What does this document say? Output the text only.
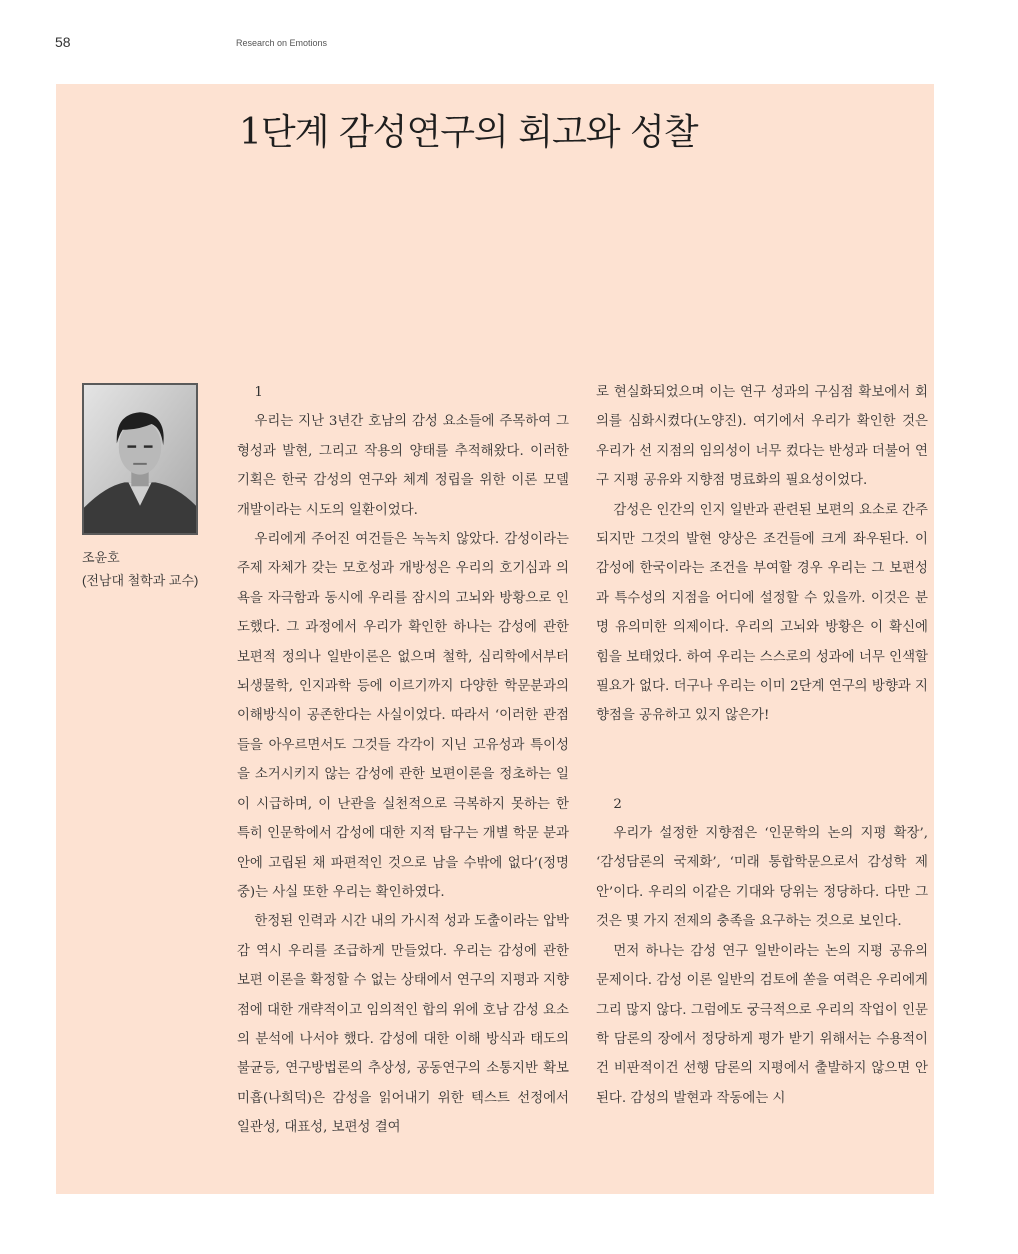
58	Research on Emotions
1단계 감성연구의 회고와 성찰
조윤호
(전남대 철학과 교수)

1

우리는 지난 3년간 호남의 감성 요소들에 주목하여 그 형성과 발현, 그리고 작용의 양태를 추적해왔다. 이러한 기획은 한국 감성의 연구와 체계 정립을 위한 이론 모델 개발이라는 시도의 일환이었다.

우리에게 주어진 여건들은 녹녹치 않았다. 감성이라는 주제 자체가 갖는 모호성과 개방성은 우리의 호기심과 의욕을 자극함과 동시에 우리를 잠시의 고뇌와 방황으로 인도했다. 그 과정에서 우리가 확인한 하나는 감성에 관한 보편적 정의나 일반이론은 없으며 철학, 심리학에서부터 뇌생물학, 인지과학 등에 이르기까지 다양한 학문분과의 이해방식이 공존한다는 사실이었다. 따라서 ‘이러한 관점들을 아우르면서도 그것들 각각이 지닌 고유성과 특이성을 소거시키지 않는 감성에 관한 보편이론을 정초하는 일이 시급하며, 이 난관을 실천적으로 극복하지 못하는 한 특히 인문학에서 감성에 대한 지적 탐구는 개별 학문 분과 안에 고립된 채 파편적인 것으로 남을 수밖에 없다’(정명중)는 사실 또한 우리는 확인하였다.

한정된 인력과 시간 내의 가시적 성과 도출이라는 압박감 역시 우리를 조급하게 만들었다. 우리는 감성에 관한 보편 이론을 확정할 수 없는 상태에서 연구의 지평과 지향점에 대한 개략적이고 임의적인 합의 위에 호남 감성 요소의 분석에 나서야 했다. 감성에 대한 이해 방식과 태도의 불균등, 연구방법론의 추상성, 공동연구의 소통지반 확보 미흡(나희덕)은 감성을 읽어내기 위한 텍스트 선정에서 일관성, 대표성, 보편성 결여

로 현실화되었으며 이는 연구 성과의 구심점 확보에서 회의를 심화시켰다(노양진). 여기에서 우리가 확인한 것은 우리가 선 지점의 임의성이 너무 컸다는 반성과 더불어 연구 지평 공유와 지향점 명료화의 필요성이었다.

감성은 인간의 인지 일반과 관련된 보편의 요소로 간주되지만 그것의 발현 양상은 조건들에 크게 좌우된다. 이 감성에 한국이라는 조건을 부여할 경우 우리는 그 보편성과 특수성의 지점을 어디에 설정할 수 있을까. 이것은 분명 유의미한 의제이다. 우리의 고뇌와 방황은 이 확신에 힘을 보태었다. 하여 우리는 스스로의 성과에 너무 인색할 필요가 없다. 더구나 우리는 이미 2단계 연구의 방향과 지향점을 공유하고 있지 않은가!

2

우리가 설정한 지향점은 ‘인문학의 논의 지평 확장’, ‘감성담론의 국제화’, ‘미래 통합학문으로서 감성학 제안’이다. 우리의 이같은 기대와 당위는 정당하다. 다만 그것은 몇 가지 전제의 충족을 요구하는 것으로 보인다.

먼저 하나는 감성 연구 일반이라는 논의 지평 공유의 문제이다. 감성 이론 일반의 검토에 쏟을 여력은 우리에게 그리 많지 않다. 그럼에도 궁극적으로 우리의 작업이 인문학 담론의 장에서 정당하게 평가 받기 위해서는 수용적이건 비판적이건 선행 담론의 지평에서 출발하지 않으면 안 된다. 감성의 발현과 작동에는 시
